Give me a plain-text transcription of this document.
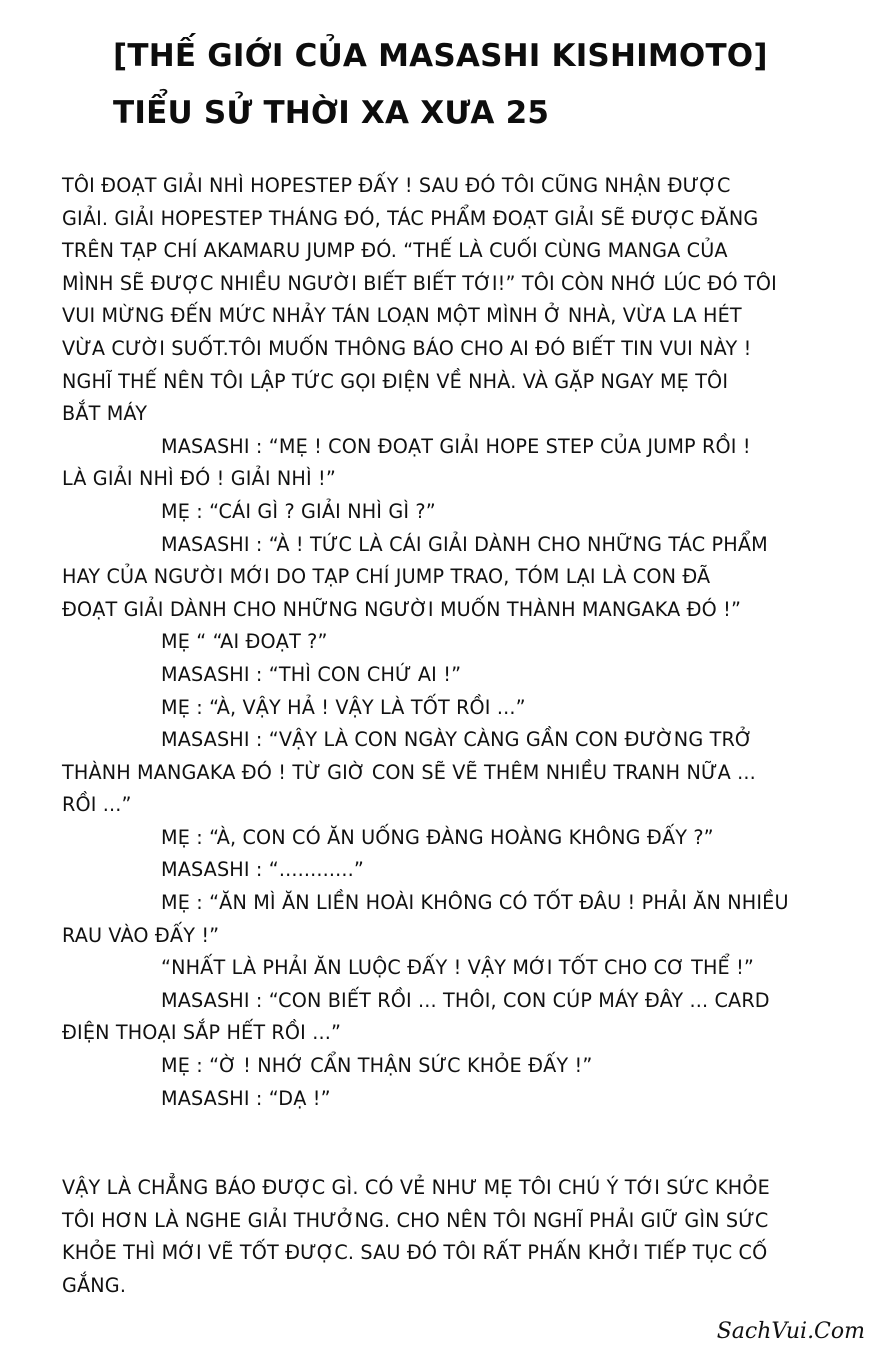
[THẾ GIỚI CỦA MASASHI KISHIMOTO]
TIỂU SỬ THỜI XA XƯA 25
TÔI ĐOẠT GIẢI NHÌ HOPESTEP ĐẤY ! SAU ĐÓ TÔI CŨNG NHẬN ĐƯỢC
GIẢI. GIẢI HOPESTEP THÁNG ĐÓ, TÁC PHẨM ĐOẠT GIẢI SẼ ĐƯỢC ĐĂNG
TRÊN TẠP CHÍ AKAMARU JUMP ĐÓ. “THẾ LÀ CUỐI CÙNG MANGA CỦA
MÌNH SẼ ĐƯỢC NHIỀU NGƯỜI BIẾT BIẾT TỚI!” TÔI CÒN NHỚ LÚC ĐÓ TÔI
VUI MỪNG ĐẾN MỨC NHẢY TÁN LOẠN MỘT MÌNH Ở NHÀ, VỪA LA HÉT
VỪA CƯỜI SUỐT.TÔI MUỐN THÔNG BÁO CHO AI ĐÓ BIẾT TIN VUI NÀY !
NGHĨ THẾ NÊN TÔI LẬP TỨC GỌI ĐIỆN VỀ NHÀ. VÀ GẶP NGAY MẸ TÔI
BẮT MÁY
MASASHI : “MẸ ! CON ĐOẠT GIẢI HOPE STEP CỦA JUMP RỒI !
LÀ GIẢI NHÌ ĐÓ ! GIẢI NHÌ !”
MẸ : “CÁI GÌ ? GIẢI NHÌ GÌ ?”
MASASHI : “À ! TỨC LÀ CÁI GIẢI DÀNH CHO NHỮNG TÁC PHẨM
HAY CỦA NGƯỜI MỚI DO TẠP CHÍ JUMP TRAO, TÓM LẠI LÀ CON ĐÃ
ĐOẠT GIẢI DÀNH CHO NHỮNG NGƯỜI MUỐN THÀNH MANGAKA ĐÓ !”
MẸ “ “AI ĐOẠT ?”
MASASHI : “THÌ CON CHỨ AI !”
MẸ : “À, VẬY HẢ ! VẬY LÀ TỐT RỒI ...”
MASASHI : “VẬY LÀ CON NGÀY CÀNG GẦN CON ĐƯỜNG TRỞ
THÀNH MANGAKA ĐÓ ! TỪ GIỜ CON SẼ VẼ THÊM NHIỀU TRANH NỮA ...
RỒI ...”
MẸ : “À, CON CÓ ĂN UỐNG ĐÀNG HOÀNG KHÔNG ĐẤY ?”
MASASHI : “............”
MẸ : “ĂN MÌ ĂN LIỀN HOÀI KHÔNG CÓ TỐT ĐÂU ! PHẢI ĂN NHIỀU
RAU VÀO ĐẤY !”
“NHẤT LÀ PHẢI ĂN LUỘC ĐẤY ! VẬY MỚI TỐT CHO CƠ THỂ !”
MASASHI : “CON BIẾT RỒI ... THÔI, CON CÚP MÁY ĐÂY ... CARD
ĐIỆN THOẠI SẮP HẾT RỒI ...”
MẸ : “Ờ ! NHỚ CẨN THẬN SỨC KHỎE ĐẤY !”
MASASHI : “DẠ !”
VẬY LÀ CHẲNG BÁO ĐƯỢC GÌ. CÓ VẺ NHƯ MẸ TÔI CHÚ Ý TỚI SỨC KHỎE
TÔI HƠN LÀ NGHE GIẢI THƯỞNG. CHO NÊN TÔI NGHĨ PHẢI GIỮ GÌN SỨC
KHỎE THÌ MỚI VẼ TỐT ĐƯỢC. SAU ĐÓ TÔI RẤT PHẤN KHỞI TIẾP TỤC CỐ
GẮNG.
SachVui.Com
